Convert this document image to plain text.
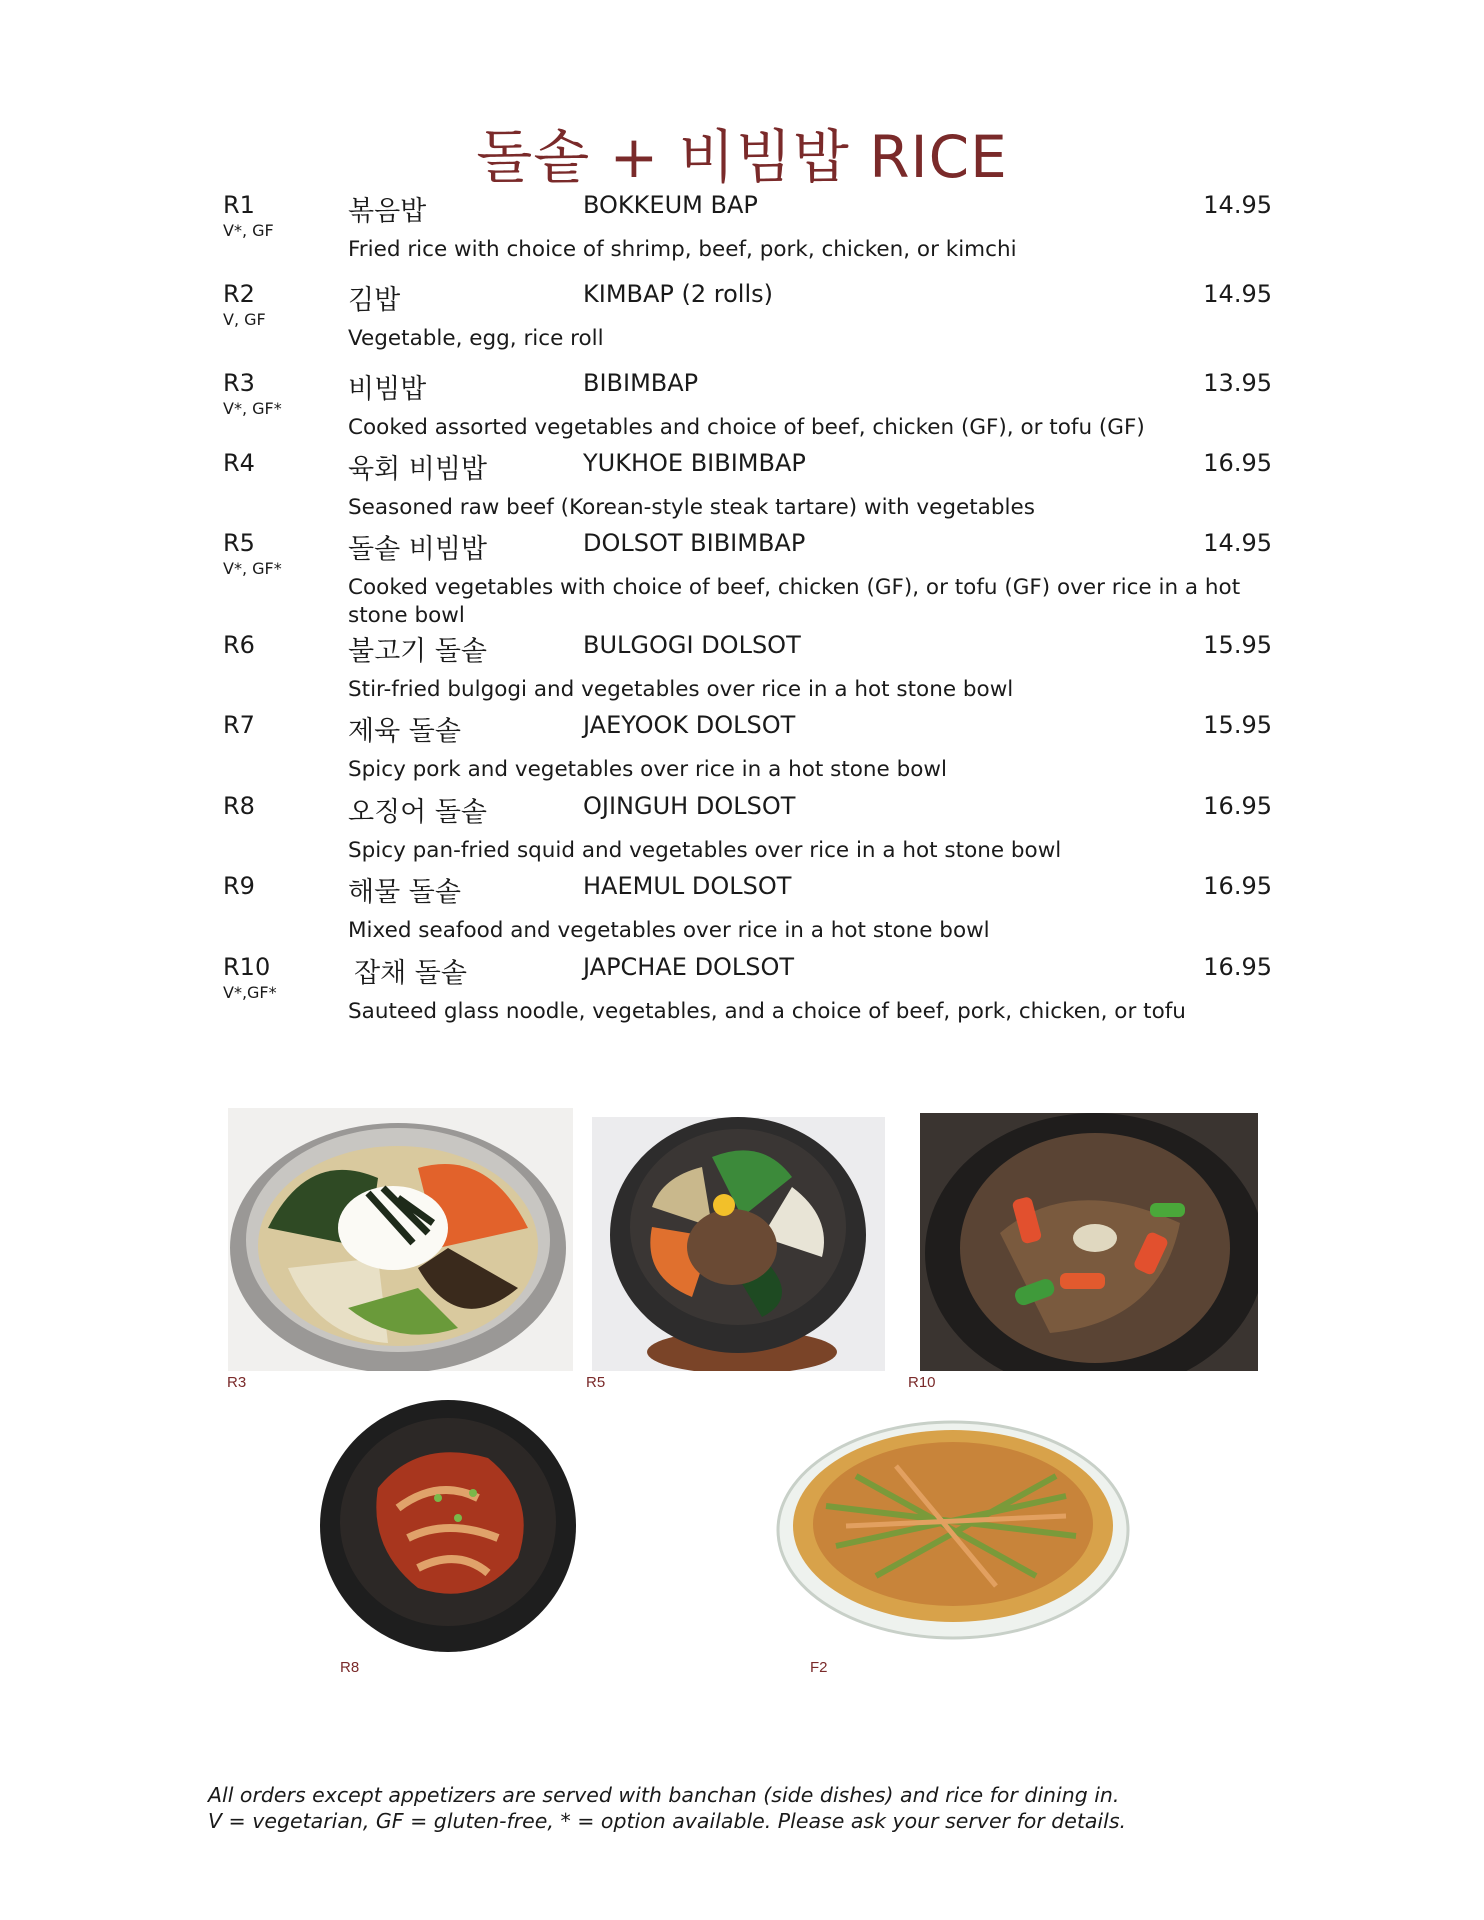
돌솥 + 비빔밥 RICE
R1
V*, GF
볶음밥	BOKKEUM BAP	14.95
Fried rice with choice of shrimp, beef, pork, chicken, or kimchi
R2
V, GF
김밥	KIMBAP (2 rolls)	14.95
Vegetable, egg, rice roll
R3
V*, GF*
비빔밥	BIBIMBAP	13.95
Cooked assorted vegetables and choice of beef, chicken (GF), or tofu (GF)
R4	육회 비빔밥	YUKHOE BIBIMBAP	16.95
Seasoned raw beef (Korean-style steak tartare) with vegetables
R5
V*, GF*
돌솥 비빔밥	DOLSOT BIBIMBAP	14.95
Cooked vegetables with choice of beef, chicken (GF), or tofu (GF) over rice in a hot stone bowl
R6	불고기 돌솥	BULGOGI DOLSOT	15.95
Stir-fried bulgogi and vegetables over rice in a hot stone bowl
R7	제육 돌솥	JAEYOOK DOLSOT	15.95
Spicy pork and vegetables over rice in a hot stone bowl
R8	오징어 돌솥	OJINGUH DOLSOT	16.95
Spicy pan-fried squid and vegetables over rice in a hot stone bowl
R9	해물 돌솥	HAEMUL DOLSOT	16.95
Mixed seafood and vegetables over rice in a hot stone bowl
R10
V*,GF*
잡채 돌솥	JAPCHAE DOLSOT	16.95
Sauteed glass noodle, vegetables, and a choice of beef, pork, chicken, or tofu
R3	R5	R10
R8	F2
All orders except appetizers are served with banchan (side dishes) and rice for dining in.
V = vegetarian, GF = gluten-free, * = option available. Please ask your server for details.
